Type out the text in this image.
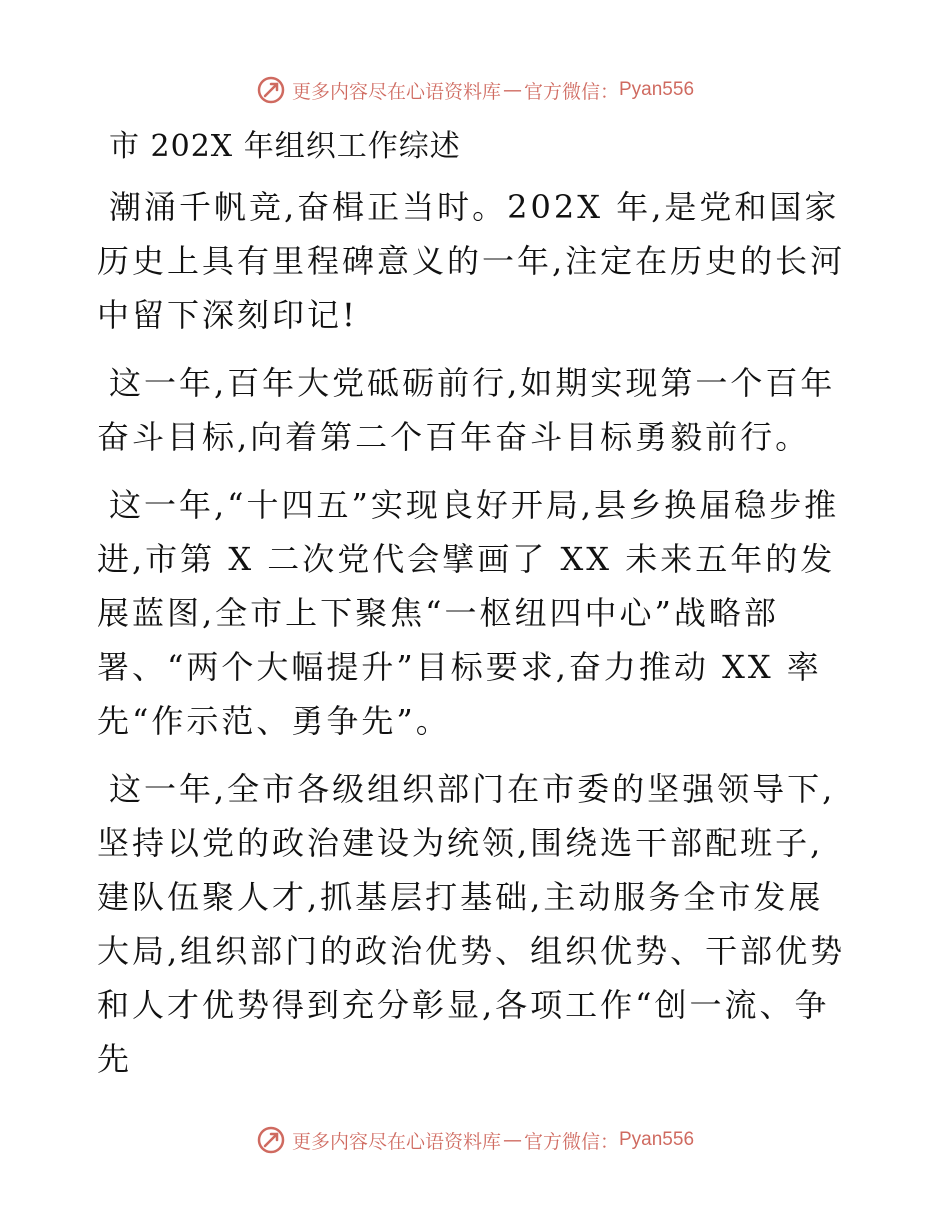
更多内容尽在心语资料库 — 官方微信： Pyan556
市 202X 年组织工作综述

潮涌千帆竞,奋楫正当时。202X 年,是党和国家历史上具有里程碑意义的一年,注定在历史的长河中留下深刻印记!

这一年,百年大党砥砺前行,如期实现第一个百年奋斗目标,向着第二个百年奋斗目标勇毅前行。

这一年,“十四五”实现良好开局,县乡换届稳步推进,市第 X 二次党代会擘画了 XX 未来五年的发展蓝图,全市上下聚焦“一枢纽四中心”战略部署、“两个大幅提升”目标要求,奋力推动 XX 率先“作示范、勇争先”。

这一年,全市各级组织部门在市委的坚强领导下,坚持以党的政治建设为统领,围绕选干部配班子,建队伍聚人才,抓基层打基础,主动服务全市发展大局,组织部门的政治优势、组织优势、干部优势和人才优势得到充分彰显,各项工作“创一流、争先

更多内容尽在心语资料库 — 官方微信： Pyan556
